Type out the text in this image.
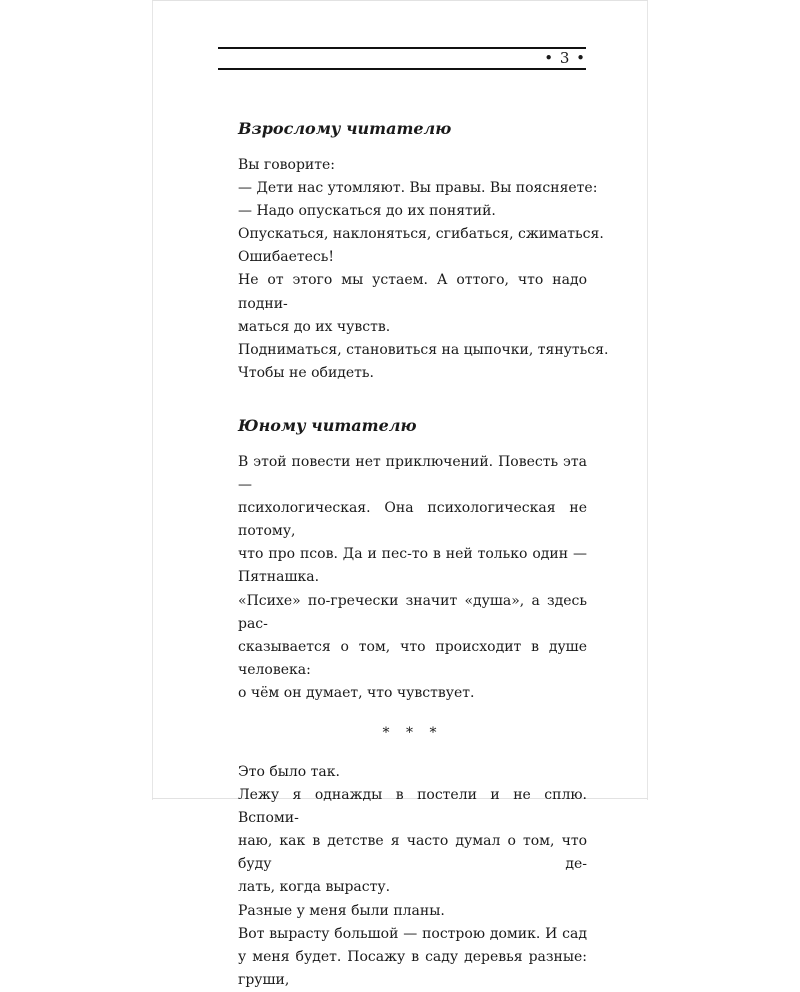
• 3 •
Взрослому читателю
Вы говорите:
— Дети нас утомляют. Вы правы. Вы поясняете:
— Надо опускаться до их понятий.
Опускаться, наклоняться, сгибаться, сжиматься.
Ошибаетесь!
Не от этого мы устаем. А оттого, что надо подни-
маться до их чувств.
Подниматься, становиться на цыпочки, тянуться.
Чтобы не обидеть.
Юному читателю
В этой повести нет приключений. Повесть эта —
психологическая. Она психологическая не потому,
что про псов. Да и пес-то в ней только один —
Пятнашка.
«Психе» по-гречески значит «душа», а здесь рас-
сказывается о том, что происходит в душе человека:
о чём он думает, что чувствует.
* * *
Это было так.
Лежу я однажды в постели и не сплю. Вспоми-
наю, как в детстве я часто думал о том, что буду де-
лать, когда вырасту.
Разные у меня были планы.
Вот вырасту большой — построю домик. И сад
у меня будет. Посажу в саду деревья разные: груши,
